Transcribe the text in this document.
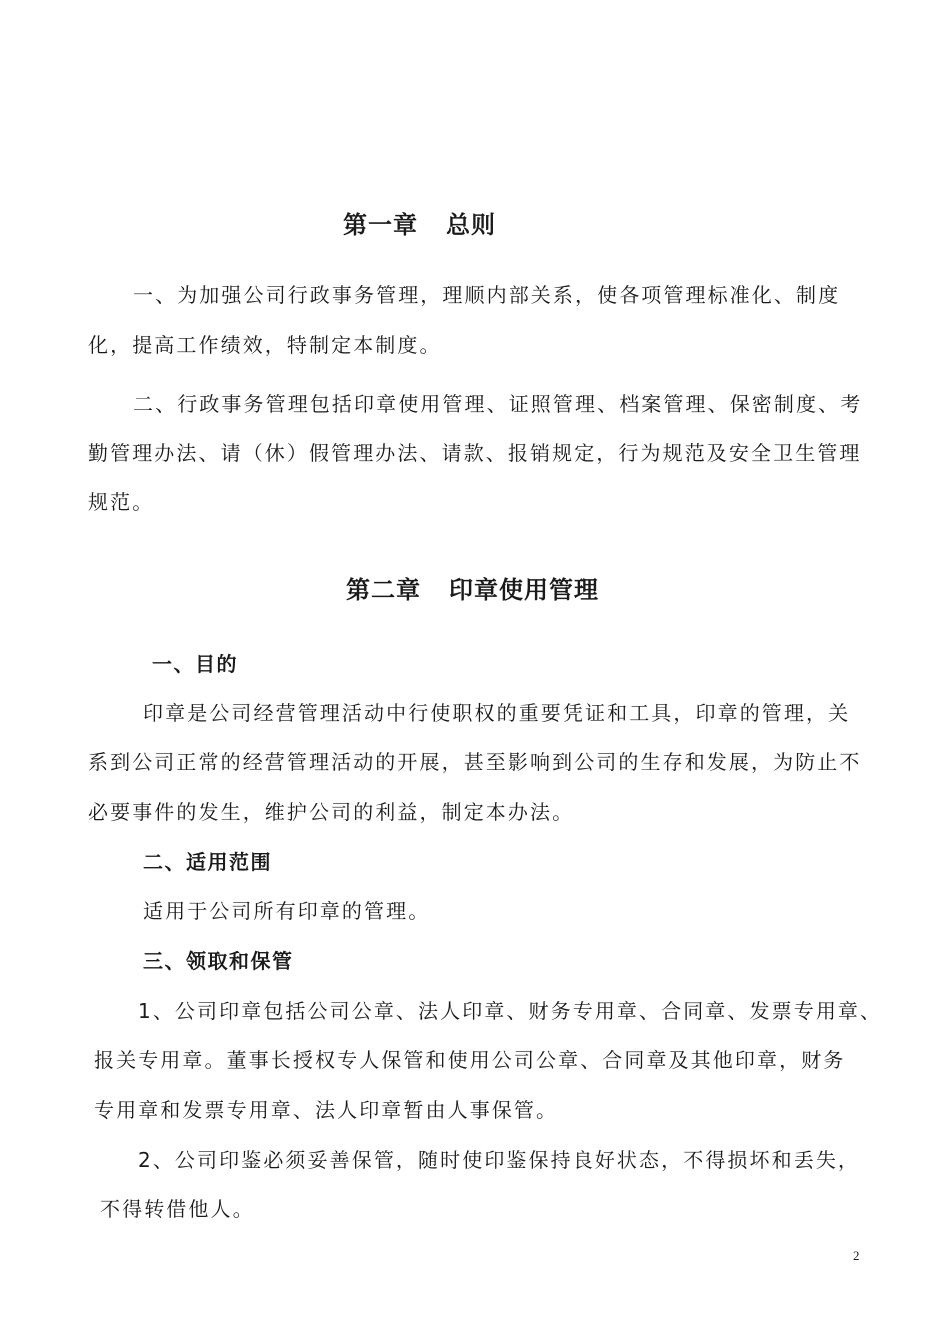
第一章 总则
一、为加强公司行政事务管理，理顺内部关系，使各项管理标准化、制度
化，提高工作绩效，特制定本制度。
二、行政事务管理包括印章使用管理、证照管理、档案管理、保密制度、考
勤管理办法、请（休）假管理办法、请款、报销规定，行为规范及安全卫生管理
规范。
第二章 印章使用管理
一、目的
印章是公司经营管理活动中行使职权的重要凭证和工具，印章的管理，关
系到公司正常的经营管理活动的开展，甚至影响到公司的生存和发展，为防止不
必要事件的发生，维护公司的利益，制定本办法。
二、适用范围
适用于公司所有印章的管理。
三、领取和保管
1、公司印章包括公司公章、法人印章、财务专用章、合同章、发票专用章、
报关专用章。董事长授权专人保管和使用公司公章、合同章及其他印章，财务
专用章和发票专用章、法人印章暂由人事保管。
2、公司印鉴必须妥善保管，随时使印鉴保持良好状态，不得损坏和丢失，
不得转借他人。
2
